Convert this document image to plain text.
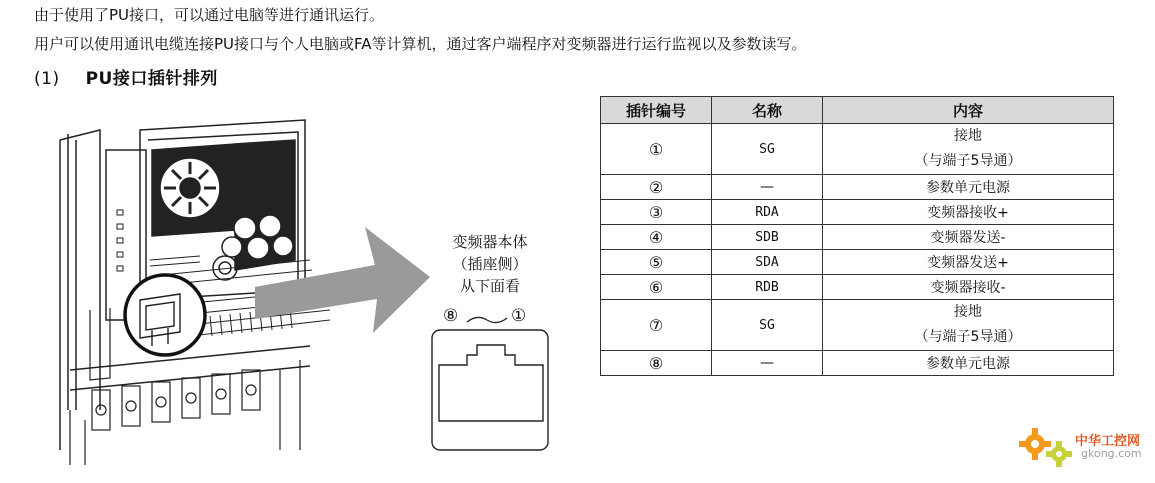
由于使用了PU接口，可以通过电脑等进行通讯运行。
用户可以使用通讯电缆连接PU接口与个人电脑或FA等计算机，通过客户端程序对变频器进行运行监视以及参数读写。
(1) PU接口插针排列
变频器本体
（插座侧）
从下面看
⑧	①
插针编号	名称	内容
①	SG	接地
（与端子5导通）

②	—	参数单元电源
③	RDA	变频器接收+
④	SDB	变频器发送-
⑤	SDA	变频器发送+
⑥	RDB	变频器接收-
⑦	SG	接地
（与端子5导通）

⑧	—	参数单元电源
中华工控网
gkong.com
